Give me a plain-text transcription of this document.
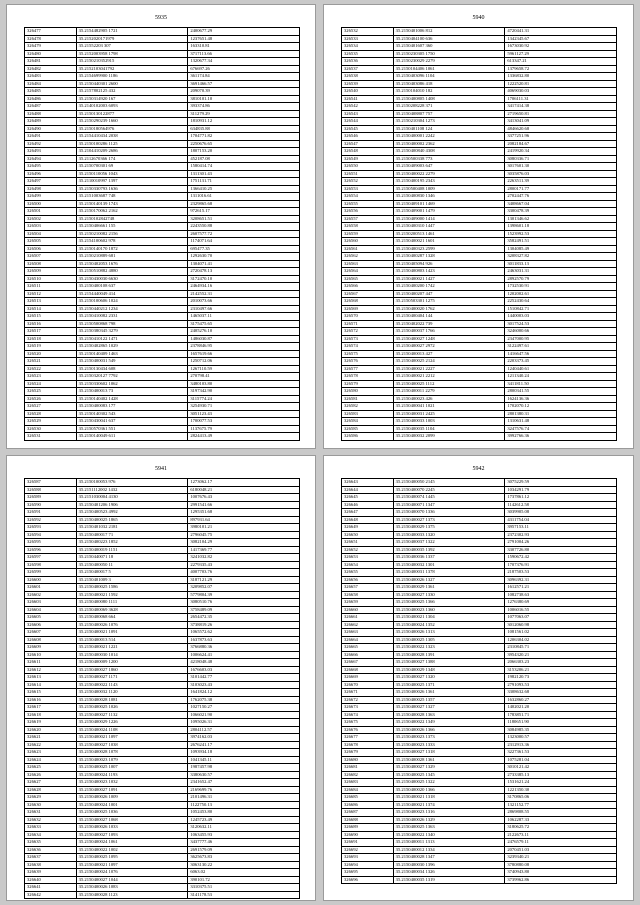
5935
326477	35.2154482905 1721	2400677.29
326478	35.2152020171979	1237651.48
326479	35.21552203 307	163310.81
326480	35.2152003958 1798	3717113.66
326481	35.2150210352915	1320677.34
326482	35.2152103041792	676697.26
326483	35.2154699900 1186	361174.84
326484	35.2150440301 2600	3691466.57
326485	35.2157802125 432	209070.39
326486	35.2150314920 167	3810101.10
326487	35.2140102003 6093	393374.86
326488	35.2150130122877	311279.29
326489	35.2150290239 1660	1810931.12
326490	35.2150180564976	634835.88
326491	35.2154410434 2038	1704771.82
326492	35.2150100286 1125	2250676.65
326493	35.2104410209 2686	1807153.20
326494	35.2112670366 174	452187.08
326495	35.2150700301 69	1580414.74
326496	35.2150110056 1043	1311301.43
326497	35.2110010997 1397	1751131.71
326498	35.2150330793 1636	1366410.25
326499	35.2151003687 748	1311016.61
326500	35.2150140139 1743	2329865.68
326501	35.2150170062 2162	972615.17
326502	35.2150102842748	3208651.51
326503	35.2150406661 155	2243550.88
326504	35.2150210082 2156	2607577.72
326505	35.2154100602 978	1174071.64
326506	35.2150140170 1872	695477.35
326507	35.2150210889 681	1292630.70
326508	35.2150402053 1676	1304071.41
326509	35.2150510882 4880	2720478.13
326510	35.2150430030 6630	3172470.10
326511	35.2150400108 637	2464934.16
326512	35.2154440049 414	2142552.31
326513	35.2150100606 1024	2010073.66
326514	35.2150440212 1234	2310497.66
326515	35.2150410082 2331	1465037.11
326516	35.2150500868 798	3175475.65
326517	35.2150380345 3279	2405276.10
326518	35.2150410122 1471	1486030.87
326519	35.2150402865 1029	2378846.95
326520	35.2150140409 1463	1657619.66
326521	35.2150400031 549	1250712.06
326522	35.2150130434 608	1267110.59
326523	35.2150320127 7792	270798.41
326524	35.2150330602 1062	3480103.80
326525	35.2150400013 73	3197342.90
326526	35.2150140402 1428	3115774.24
326527	35.2150400083 177	3254930.71
326528	35.2150140302 543	3051123.43
326529	35.2150430041 637	1700077.53
326530	35.2150570361 551	1137675.79
326531	35.2150140049 611	2824413.49
5940
326532	35.2150401006 812	4720441.31
326533	35.2150404100 636	1342345.67
326534	35.2150401607 360	1673030.92
326535	35.2150230305 1750	5961127.29
326536	35.2150230029 2279	613347.21
326537	35.2150104406 1061	1379658.72
326538	35.2150403096 1104	1336832.80
326539	35.2150403086 418	1222520.81
326540	35.2150104010 182	4069030.03
326541	35.2150400805 1408	1706111.31
326542	35.2150208228 371	3417414.38
326543	35.2150408807 757	2719650.81
326544	35.2150210304 1273	3413041.09
326545	35.2150401108 124	4846620.68
326546	35.2150400001 2242	3377251.96
326547	35.2150400002 2362	2082184.67
326548	35.2150400840 4308	2419920.34
326549	35.2150500338 773	3080336.71
326550	35.2150409003 647	3017601.30
326551	35.2150400022 2279	3035876.03
326552	35.2150400195 2343	2263511.39
326553	35.2150500408 1009	2800171.77
326554	35.2150400830 1346	2702447.76
326555	35.2150409101 1469	3408667.04
326556	35.2150409001 1479	3300478.39
326557	35.2150409000 1414	1301346.62
326558	35.2150400310 1447	1398601.18
326559	35.2150200513 1461	1523992.53
326560	35.2150400021 1601	3582491.51
326561	35.2150400323 2599	1304085.49
326562	35.2150400287 1328	3208327.82
326563	35.2150405094 926	3011833.13
326564	35.2150400803 1423	2463031.31
326565	35.2150400021 1427	2892570.79
326566	35.2150400200 1742	1732530.91
326567	35.2150400207 447	1202002.61
326568	35.2150503301 1275	2252430.64
326569	35.2150400020 1762	1510842.71
326570	35.2150400404 144	1440003.03
326571	35.2150402022 739	3017524.53
326572	35.2150400037 1766	3246000.66
326573	35.2150400027 1248	2347000.95
326574	35.2150400027 2972	3122497.61
326575	35.2150400013 427	1416647.56
326576	35.2150400025 2124	2203373.45
326577	35.2150400021 2227	1240440.61
326578	35.2150400021 2212	1211340.24
326579	35.2150400025 1112	3411811.50
326580	35.2150400011 2279	2800341.55
326581	35.2150400023 426	1624136.36
326582	35.2150400041 1021	1702070.12
326583	35.2150400031 2425	2801380.31
326584	35.2150400033 1003	1310631.48
326585	35.2150400035 1104	3247576.74
326586	35.2150400032 2099	3992766.36
5941
326587	35.2150100053 976	1273062.17
326588	35.2151112002 1432	6180048.21
326589	35.2151030004 4130	1007676.43
326590	35.2150401206 1906	2991541.66
326591	35.2150400523 4992	1295351.68
326592	35.2150400025 1865	897931.64
326593	35.2150401032 2181	3980101.21
326594	35.2150400017 71	2796045.75
326595	35.2150400223 1852	3082104.29
326596	35.2150400019 1151	1417369.77
326597	35.2150440071 18	3241032.82
326598	35.2150400050 11	2279335.43
326599	35.2150400017 5	4007703.76
326600	35.2150401009 3	3187121.29
326601	35.2150400025 1586	3209852.07
326602	35.2150400021 1592	5779804.39
326603	35.2150400080 1111	3080510.76
326604	35.2150400069 3628	3758489.09
326605	35.2150400068 664	2654472.35
326606	35.2150400026 1076	3738819.26
326607	35.2150400021 1091	1065572.62
326608	35.2150400013 514	1637873.63
326609	35.2150400021 1221	3766880.36
326610	35.2150400030 1014	1006624.41
326611	35.2150400009 1200	4218048.48
326612	35.2150400027 1860	1676603.03
326613	35.2150400027 1171	3101442.77
326614	35.2150400022 1143	3103023.43
326615	35.2150400032 1120	1641824.12
326616	35.2150400028 1081	1762075.38
326617	35.2150400025 1026	1027150.27
326618	35.2150400027 1132	1066021.90
326619	35.2150400029 1226	1095026.31
326620	35.2150400024 1108	2804112.57
326621	35.2150400021 1097	3974162.03
326622	35.2150400027 1038	2676241.17
326623	35.2150400028 1078	1093934.18
326624	35.2150400023 1079	1041345.11
326625	35.2150400025 1007	1987457.98
326626	35.2150400024 1193	3380630.57
326627	35.2150400023 1032	2341652.47
326628	35.2150400027 1091	2169699.76
326629	35.2150400026 1009	2101496.31
326630	35.2150400024 1001	1122750.13
326631	35.2150400025 1036	1052453.80
326632	35.2150400027 1068	1245723.49
326633	35.2150400026 1033	3120632.11
326634	35.2150400027 1093	1063455.93
326635	35.2150400024 1061	3437777.46
326636	35.2150400022 1002	2691579.09
326637	35.2150400025 1095	3625673.83
326638	35.2150400021 1097	3063130.22
326639	35.2150400024 1076	6063.02
326640	35.2150400027 1044	390101.72
326641	35.2150400026 1083	3310375.51
326642	35.2150400028 1123	3141178.53
5942
326643	35.2150400050 2145	3075229.59
326644	35.2150400070 2245	1034291.79
326645	35.2150400074 1445	1737861.12
326646	35.2150400071 1347	1142612.58
326647	35.2150400070 1336	3039905.08
326648	35.2150400027 1373	4311754.04
326649	35.2150400029 1375	3957153.11
326650	35.2150400033 1320	2372302.93
326651	35.2150400037 1322	2791004.26
326652	35.2150400035 1392	3307726.80
326653	35.2150400036 1337	1590672.42
326654	35.2150400032 1301	1707376.91
326655	35.2150400031 1378	2187503.53
326656	35.2150400026 1327	3096392.31
326657	35.2150400029 1361	1612571.21
326658	35.2150400027 1330	1082738.63
326659	35.2150400025 1366	1276380.69
326660	35.2150400023 1360	1006016.55
326661	35.2150400021 1304	1077063.07
326662	35.2150400024 1352	3012060.98
326663	35.2150400026 1313	1081561.02
326664	35.2150400025 1305	1206304.02
326665	35.2150400022 1323	2310845.71
326666	35.2150400028 1391	3954320.21
326667	35.2150400027 1388	2066303.23
326668	35.2150400029 1348	3153206.21
326669	35.2150400027 1320	1982120.73
326670	35.2150400025 1371	2791093.53
326671	35.2150400026 1361	3308632.68
326672	35.2150400025 1357	1632860.27
326673	35.2150400027 1327	1402021.20
326674	35.2150400028 1363	1783851.71
326675	35.2150400022 1349	1180651.90
326676	35.2150400026 1366	3084985.35
326677	35.2150400023 1373	1323000.57
326678	35.2150400023 1333	2312913.36
326679	35.2150400027 1318	3227361.53
326680	35.2150400028 1361	1075281.04
326681	35.2150400027 1329	3010121.42
326682	35.2150400025 1345	2733385.13
326683	35.2150400025 1322	1531621.24
326684	35.2150400020 1366	1221350.30
326685	35.2150400021 1318	3170865.06
326686	35.2150400021 1374	1321152.77
326687	35.2150400023 1316	2869808.55
326688	35.2150400026 1329	1062287.33
326689	35.2150400025 1363	3180625.72
326690	35.2150400022 1340	2122673.11
326691	35.2150400011 1313	2476579.11
326692	35.2150400012 1334	2070451.03
326693	35.2150400028 1347	3239340.21
326694	35.2150400030 1396	3780880.08
326695	35.2150400034 1326	3740943.80
326696	35.2150400035 1319	3739962.86
